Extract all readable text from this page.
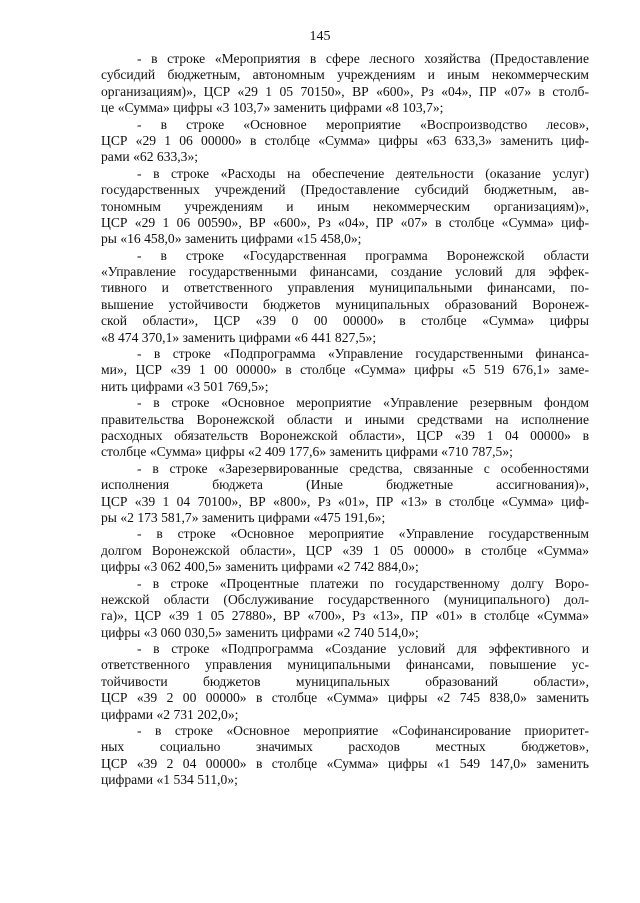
145
- в строке «Мероприятия в сфере лесного хозяйства (Предоставление
субсидий бюджетным, автономным учреждениям и иным некоммерческим
организациям)», ЦСР «29 1 05 70150», ВР «600», Рз «04», ПР «07» в столб-
це «Сумма» цифры «3 103,7» заменить цифрами «8 103,7»;
- в строке «Основное мероприятие «Воспроизводство лесов»,
ЦСР «29 1 06 00000» в столбце «Сумма» цифры «63 633,3» заменить циф-
рами «62 633,3»;
- в строке «Расходы на обеспечение деятельности (оказание услуг)
государственных учреждений (Предоставление субсидий бюджетным, ав-
тономным учреждениям и иным некоммерческим организациям)»,
ЦСР «29 1 06 00590», ВР «600», Рз «04», ПР «07» в столбце «Сумма» циф-
ры «16 458,0» заменить цифрами «15 458,0»;
- в строке «Государственная программа Воронежской области
«Управление государственными финансами, создание условий для эффек-
тивного и ответственного управления муниципальными финансами, по-
вышение устойчивости бюджетов муниципальных образований Воронеж-
ской области», ЦСР «39 0 00 00000» в столбце «Сумма» цифры
«8 474 370,1» заменить цифрами «6 441 827,5»;
- в строке «Подпрограмма «Управление государственными финанса-
ми», ЦСР «39 1 00 00000» в столбце «Сумма» цифры «5 519 676,1» заме-
нить цифрами «3 501 769,5»;
- в строке «Основное мероприятие «Управление резервным фондом
правительства Воронежской области и иными средствами на исполнение
расходных обязательств Воронежской области», ЦСР «39 1 04 00000» в
столбце «Сумма» цифры «2 409 177,6» заменить цифрами «710 787,5»;
- в строке «Зарезервированные средства, связанные с особенностями
исполнения бюджета (Иные бюджетные ассигнования)»,
ЦСР «39 1 04 70100», ВР «800», Рз «01», ПР «13» в столбце «Сумма» циф-
ры «2 173 581,7» заменить цифрами «475 191,6»;
- в строке «Основное мероприятие «Управление государственным
долгом Воронежской области», ЦСР «39 1 05 00000» в столбце «Сумма»
цифры «3 062 400,5» заменить цифрами «2 742 884,0»;
- в строке «Процентные платежи по государственному долгу Воро-
нежской области (Обслуживание государственного (муниципального) дол-
га)», ЦСР «39 1 05 27880», ВР «700», Рз «13», ПР «01» в столбце «Сумма»
цифры «3 060 030,5» заменить цифрами «2 740 514,0»;
- в строке «Подпрограмма «Создание условий для эффективного и
ответственного управления муниципальными финансами, повышение ус-
тойчивости бюджетов муниципальных образований области»,
ЦСР «39 2 00 00000» в столбце «Сумма» цифры «2 745 838,0» заменить
цифрами «2 731 202,0»;
- в строке «Основное мероприятие «Софинансирование приоритет-
ных социально значимых расходов местных бюджетов»,
ЦСР «39 2 04 00000» в столбце «Сумма» цифры «1 549 147,0» заменить
цифрами «1 534 511,0»;
